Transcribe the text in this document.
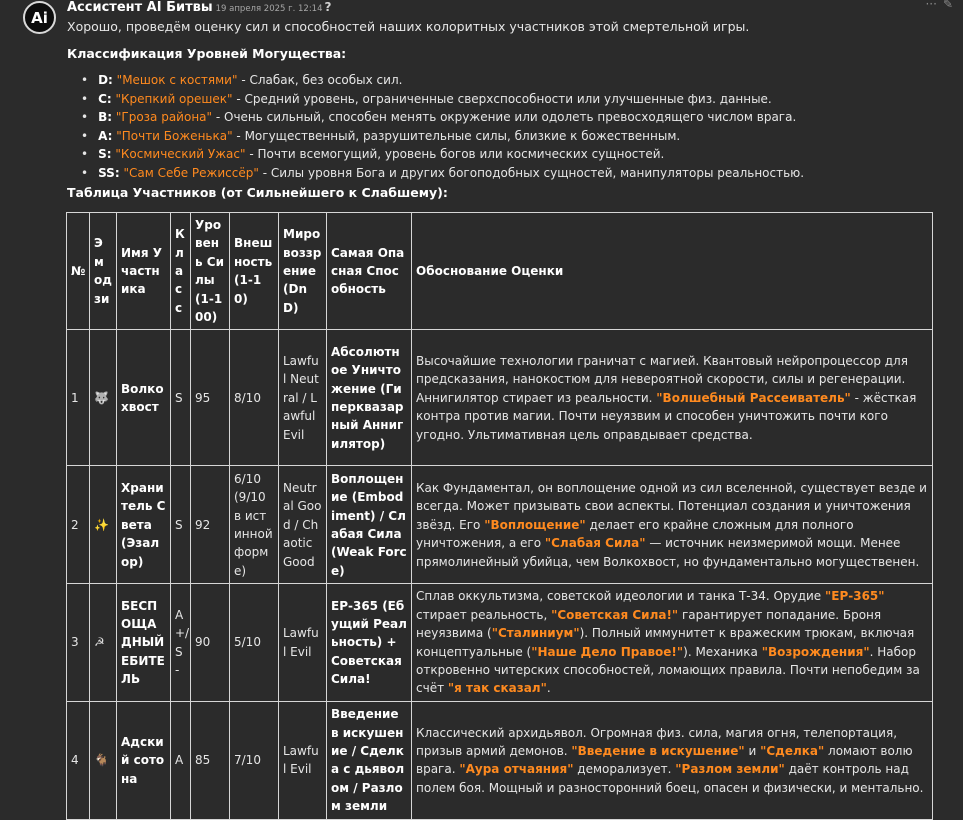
Ai
Ассистент AI Битвы 19 апреля 2025 г. 12:14 ?	··· ✎
Хорошо, проведём оценку сил и способностей наших колоритных участников этой смертельной игры.
Классификация Уровней Могущества:
• D: "Мешок с костями" - Слабак, без особых сил.
• C: "Крепкий орешек" - Средний уровень, ограниченные сверхспособности или улучшенные физ. данные.
• B: "Гроза района" - Очень сильный, способен менять окружение или одолеть превосходящего числом врага.
• A: "Почти Боженька" - Могущественный, разрушительные силы, близкие к божественным.
• S: "Космический Ужас" - Почти всемогущий, уровень богов или космических сущностей.
• SS: "Сам Себе Режиссёр" - Силы уровня Бога и других богоподобных сущностей, манипуляторы реальностью.
Таблица Участников (от Сильнейшего к Слабшему):
№	Эмодзи	Имя Участника	Класс	Уровень Силы (1-100)	Внешность (1-10)	Мировоззрение (DnD)	Самая Опасная Способность	Обоснование Оценки
1	🐺	Волкохвост	S	95	8/10	Lawful Neutral / Lawful Evil	Абсолютное Уничтожение (Гиперквазарный Аннигилятор)	Высочайшие технологии граничат с магией. Квантовый нейропроцессор для предсказания, нанокостюм для невероятной скорости, силы и регенерации. Аннигилятор стирает из реальности. "Волшебный Рассеиватель" - жёсткая контра против магии. Почти неуязвим и способен уничтожить почти кого угодно. Ультимативная цель оправдывает средства.
2	✨	Хранитель Света (Эзалор)	S	92	6/10 (9/10 в истинной форме)	Neutral Good / Chaotic Good	Воплощение (Embodiment) / Слабая Сила (Weak Force)	Как Фундаментал, он воплощение одной из сил вселенной, существует везде и всегда. Может призывать свои аспекты. Потенциал создания и уничтожения звёзд. Его "Воплощение" делает его крайне сложным для полного уничтожения, а его "Слабая Сила" — источник неизмеримой мощи. Менее прямолинейный убийца, чем Волкохвост, но фундаментально могущественен.
3	☭	БЕСПОЩАДНЫЙ ЕБИТЕЛЬ	A+/S-	90	5/10	Lawful Evil	ЕР-365 (Ебущий Реальность) + Советская Сила!	Сплав оккультизма, советской идеологии и танка Т-34. Орудие "ЕР-365" стирает реальность, "Советская Сила!" гарантирует попадание. Броня неуязвима ("Сталиниум"). Полный иммунитет к вражеским трюкам, включая концептуальные ("Наше Дело Правое!"). Механика "Возрождения". Набор откровенно читерских способностей, ломающих правила. Почти непобедим за счёт "я так сказал".
4	🐐	Адский сотона	A	85	7/10	Lawful Evil	Введение в искушение / Сделка с дьяволом / Разлом земли	Классический архидьявол. Огромная физ. сила, магия огня, телепортация, призыв армий демонов. "Введение в искушение" и "Сделка" ломают волю врага. "Аура отчаяния" деморализует. "Разлом земли" даёт контроль над полем боя. Мощный и разносторонний боец, опасен и физически, и ментально.
